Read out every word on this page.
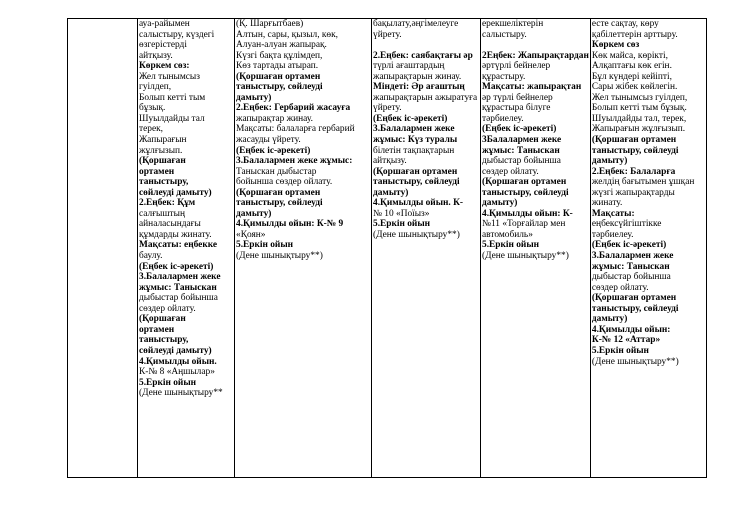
ауа-райымен
салыстыру, күздегі
өзгерістерді
айтқызу.
Көркем сөз:
Жел тынымсыз
гуілдеп,
Болып кетті тым
бұзық.
Шуылдайды тал
терек,
Жапырағын
жұлғызып.
(Қоршаған
ортамен
таныстыру,
сөйлеуді дамыту)
2.Еңбек: Құм
салғыштың
айналасындағы
құмдарды жинату.
Мақсаты: еңбекке
баулу.
(Еңбек іс-әрекеті)
3.Балалармен жеке
жұмыс: Таныскан
дыбыстар бойынша
сөздер ойлату.
(Қоршаған
ортамен
таныстыру,
сөйлеуді дамыту)
4.Қимылды ойын.
К-№ 8 «Аңшылар»
5.Еркін ойын
(Дене шынықтыру**

(Қ. Шарғытбаев)
Алтын, сары, қызыл, көк,
Алуан-алуан жапырақ.
Күзгі бақта құлімдеп,
Көз тартады атырап.
(Қоршаған ортамен
таныстыру, сөйлеуді
дамыту)
2.Еңбек: Гербарий жасауға
жапырақтар жинау.
Мақсаты: балаларға гербарий
жасауды үйрету.
(Еңбек іс-әрекеті)
3.Балалармен жеке жұмыс:
Таныскан дыбыстар
бойынша сөздер ойлату.
(Қоршаған ортамен
таныстыру, сөйлеуді
дамыту)
4.Қимылды ойын: К-№ 9
«Қоян»
5.Еркін ойын
(Дене шынықтыру**)

бақылату,әңгімелеуге
үйрету.

2.Еңбек: саябақтағы әр
түрлі ағаштардың
жапырақтарын жинау.
Міндеті: Әр ағаштың
жапырақтарын ажыратуға
үйрету.
(Еңбек іс-әрекеті)
3.Балалармен жеке
жұмыс: Күз туралы
білетін тақпақтарын
айтқызу.
(Қоршаған ортамен
таныстыру, сөйлеуді
дамыту)
4.Қимылды ойын. К-
№ 10 «Поїыз»
5.Еркін ойын
(Дене шынықтыру**)

ерекшеліктерін
салыстыру.

2Еңбек: Жапырақтардан
әртүрлі бейнелер
құрастыру.
Мақсаты: жапырақтан
әр түрлі бейнелер
құрастыра білуге
тәрбиелеу.
(Еңбек іс-әрекеті)
3Балалармен жеке
жұмыс: Таныскан
дыбыстар бойынша
сөздер ойлату.
(Қоршаған ортамен
таныстыру, сөйлеуді
дамыту)
4.Қимылды ойын: К-
№11 «Торғайлар мен
автомобиль»
5.Еркін ойын
(Дене шынықтыру**)

есте сақтау, көру
қабілеттерін арттыру.
Көркем сөз
Көк майса, көрікті,
Алқаптағы көк егін.
Бұл күндері кейіпті,
Сары жібек көйлегін.
Жел тынымсыз гуілдеп,
Болып кетті тым бұзық.
Шуылдайды тал, терек,
Жапырағын жұлғызып.
(Қоршаған ортамен
таныстыру, сөйлеуді
дамыту)
2.Еңбек: Балаларға
желдің бағытымен ұшқан
жүзгі жапырақтарды
жинату.
Мақсаты:
еңбексүйгіштікке
тәрбиелеу.
(Еңбек іс-әрекеті)
3.Балалармен жеке
жұмыс: Таныскан
дыбыстар бойынша
сөздер ойлату.
(Қоршаған ортамен
таныстыру, сөйлеуді
дамыту)
4.Қимылды ойын:
К-№ 12 «Аттар»
5.Еркін ойын
(Дене шынықтыру**)
